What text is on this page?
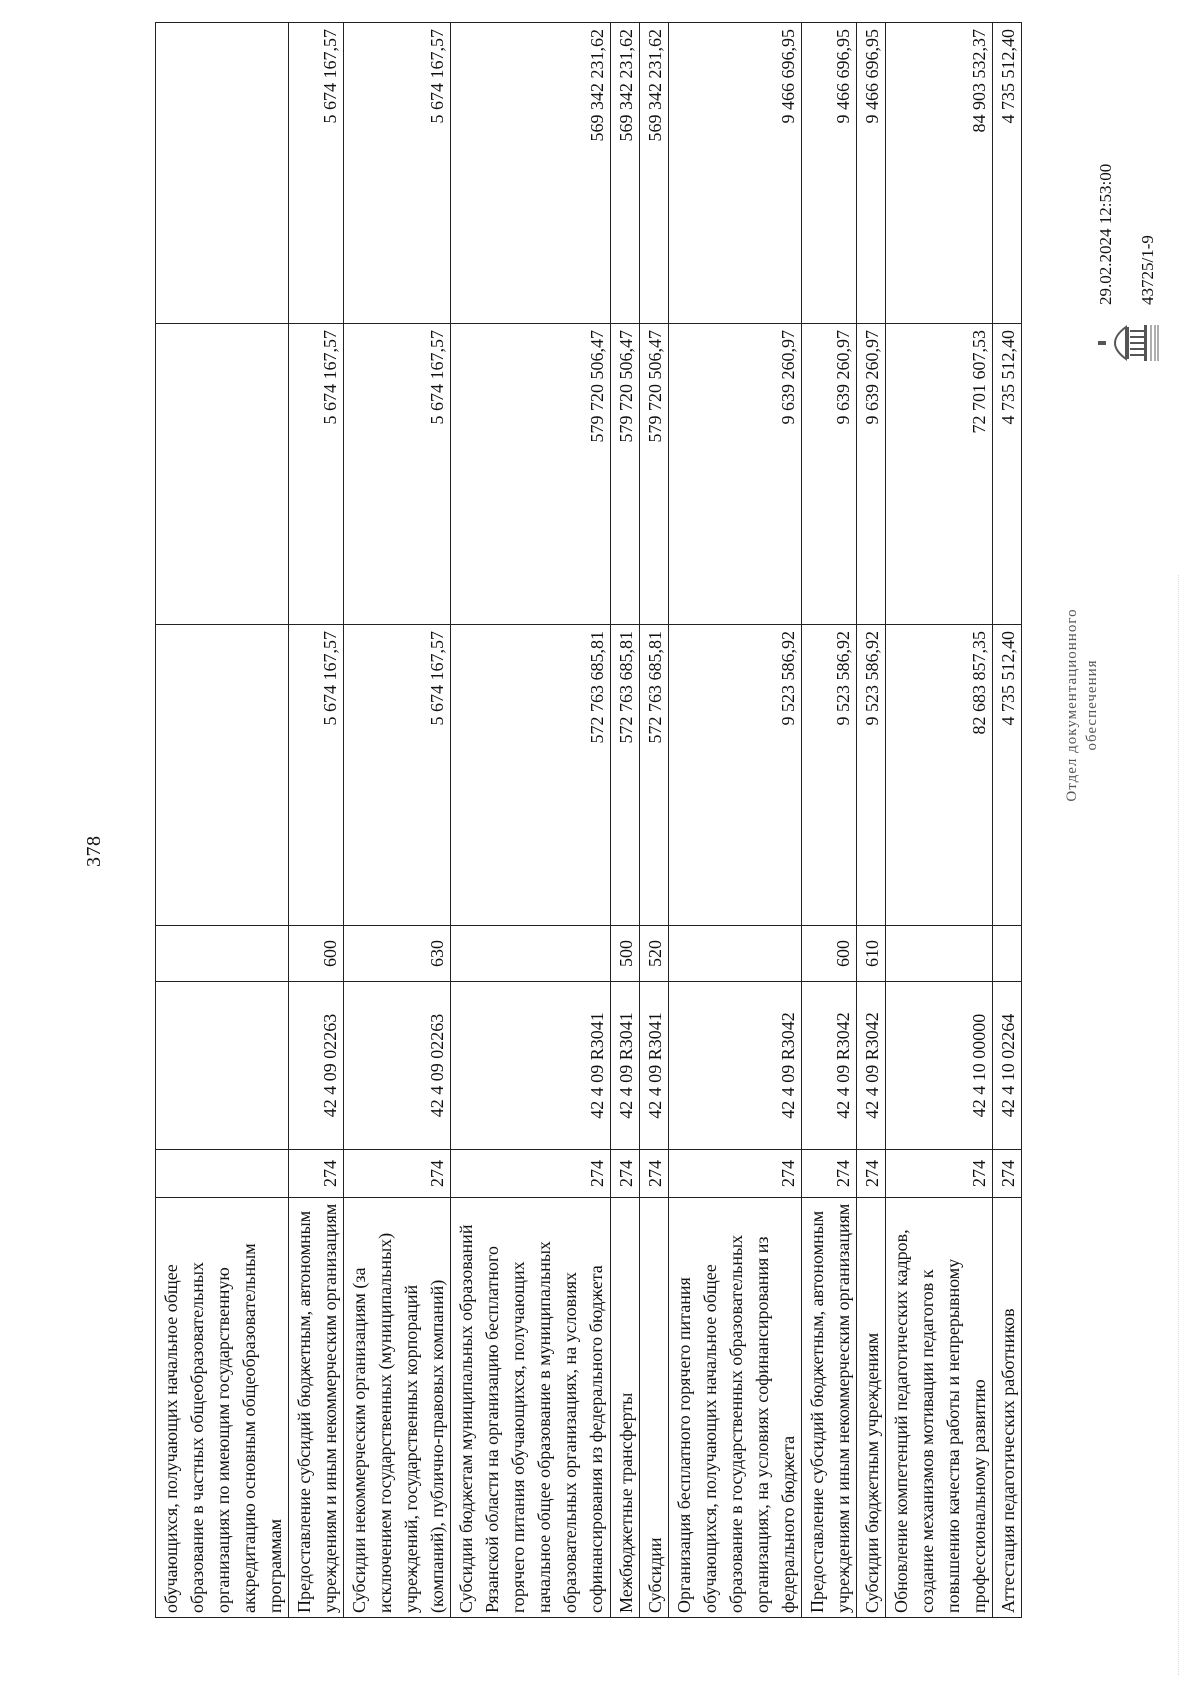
378
обучающихся, получающих начальное общее образование в частных общеобразовательных организациях по имеющим государственную аккредитацию основным общеобразовательным программам						
Предоставление субсидий бюджетным, автономным учреждениям и иным некоммерческим организациям	274	42 4 09 02263	600	5 674 167,57	5 674 167,57	5 674 167,57
Субсидии некоммерческим организациям (за исключением государственных (муниципальных) учреждений, государственных корпораций (компаний), публично-правовых компаний)	274	42 4 09 02263	630	5 674 167,57	5 674 167,57	5 674 167,57
Субсидии бюджетам муниципальных образований Рязанской области на организацию бесплатного горячего питания обучающихся, получающих начальное общее образование в муниципальных образовательных организациях, на условиях софинансирования из федерального бюджета	274	42 4 09 R3041		572 763 685,81	579 720 506,47	569 342 231,62
Межбюджетные трансферты	274	42 4 09 R3041	500	572 763 685,81	579 720 506,47	569 342 231,62
Субсидии	274	42 4 09 R3041	520	572 763 685,81	579 720 506,47	569 342 231,62
Организация бесплатного горячего питания обучающихся, получающих начальное общее образование в государственных образовательных организациях, на условиях софинансирования из федерального бюджета	274	42 4 09 R3042		9 523 586,92	9 639 260,97	9 466 696,95
Предоставление субсидий бюджетным, автономным учреждениям и иным некоммерческим организациям	274	42 4 09 R3042	600	9 523 586,92	9 639 260,97	9 466 696,95
Субсидии бюджетным учреждениям	274	42 4 09 R3042	610	9 523 586,92	9 639 260,97	9 466 696,95
Обновление компетенций педагогических кадров, создание механизмов мотивации педагогов к повышению качества работы и непрерывному профессиональному развитию	274	42 4 10 00000		82 683 857,35	72 701 607,53	84 903 532,37
Аттестация педагогических работников	274	42 4 10 02264		4 735 512,40	4 735 512,40	4 735 512,40
29.02.2024 12:53:00 43725/1-9
Отдел документационного обеспечения
